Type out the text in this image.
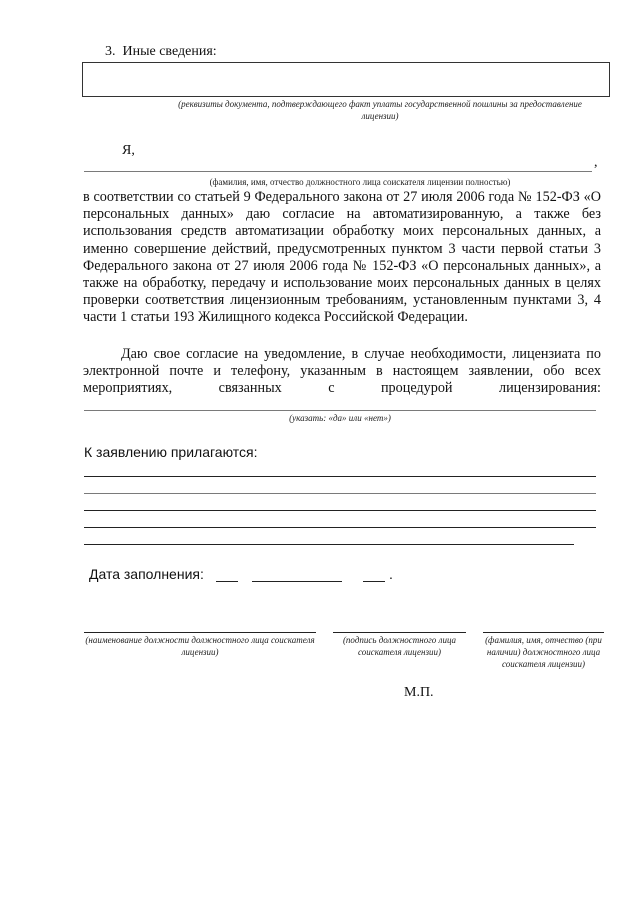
3. Иные сведения:
(реквизиты документа, подтверждающего факт уплаты государственной пошлины за предоставление лицензии)
Я,
,
(фамилия, имя, отчество должностного лица соискателя лицензии полностью)
в соответствии со статьей 9 Федерального закона от 27 июля 2006 года № 152-ФЗ «О персональных данных» даю согласие на автоматизированную, а также без использования средств автоматизации обработку моих персональных данных, а именно совершение действий, предусмотренных пунктом 3 части первой статьи 3 Федерального закона от 27 июля 2006 года № 152-ФЗ «О персональных данных», а также на обработку, передачу и использование моих персональных данных в целях проверки соответствия лицензионным требованиям, установленным пунктами 3, 4 части 1 статьи 193 Жилищного кодекса Российской Федерации.
Даю свое согласие на уведомление, в случае необходимости, лицензиата по электронной почте и телефону, указанным в настоящем заявлении, обо всех мероприятиях, связанных с процедурой лицензирования:
(указать: «да» или «нет»)
К заявлению прилагаются:
Дата заполнения:	.
(наименование должности должностного лица соискателя лицензии)
(подпись должностного лица соискателя лицензии)
(фамилия, имя, отчество (при наличии) должностного лица соискателя лицензии)
М.П.
